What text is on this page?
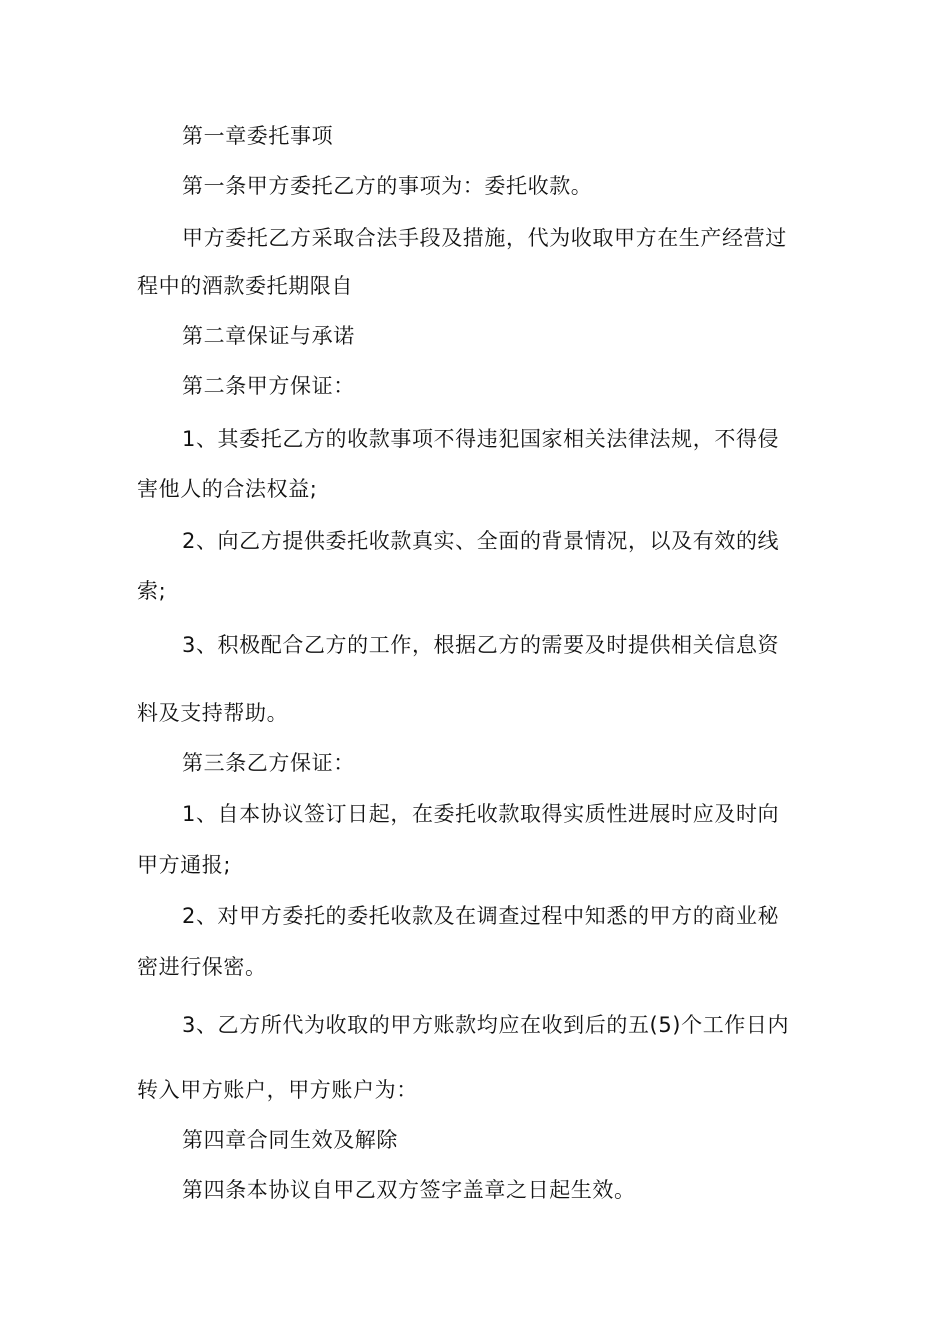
第一章委托事项
第一条甲方委托乙方的事项为：委托收款。
甲方委托乙方采取合法手段及措施，代为收取甲方在生产经营过
程中的酒款委托期限自
第二章保证与承诺
第二条甲方保证：
1、其委托乙方的收款事项不得违犯国家相关法律法规，不得侵
害他人的合法权益;
2、向乙方提供委托收款真实、全面的背景情况，以及有效的线
索;
3、积极配合乙方的工作，根据乙方的需要及时提供相关信息资
料及支持帮助。
第三条乙方保证：
1、自本协议签订日起，在委托收款取得实质性进展时应及时向
甲方通报;
2、对甲方委托的委托收款及在调查过程中知悉的甲方的商业秘
密进行保密。
3、乙方所代为收取的甲方账款均应在收到后的五(5)个工作日内
转入甲方账户，甲方账户为：
第四章合同生效及解除
第四条本协议自甲乙双方签字盖章之日起生效。
